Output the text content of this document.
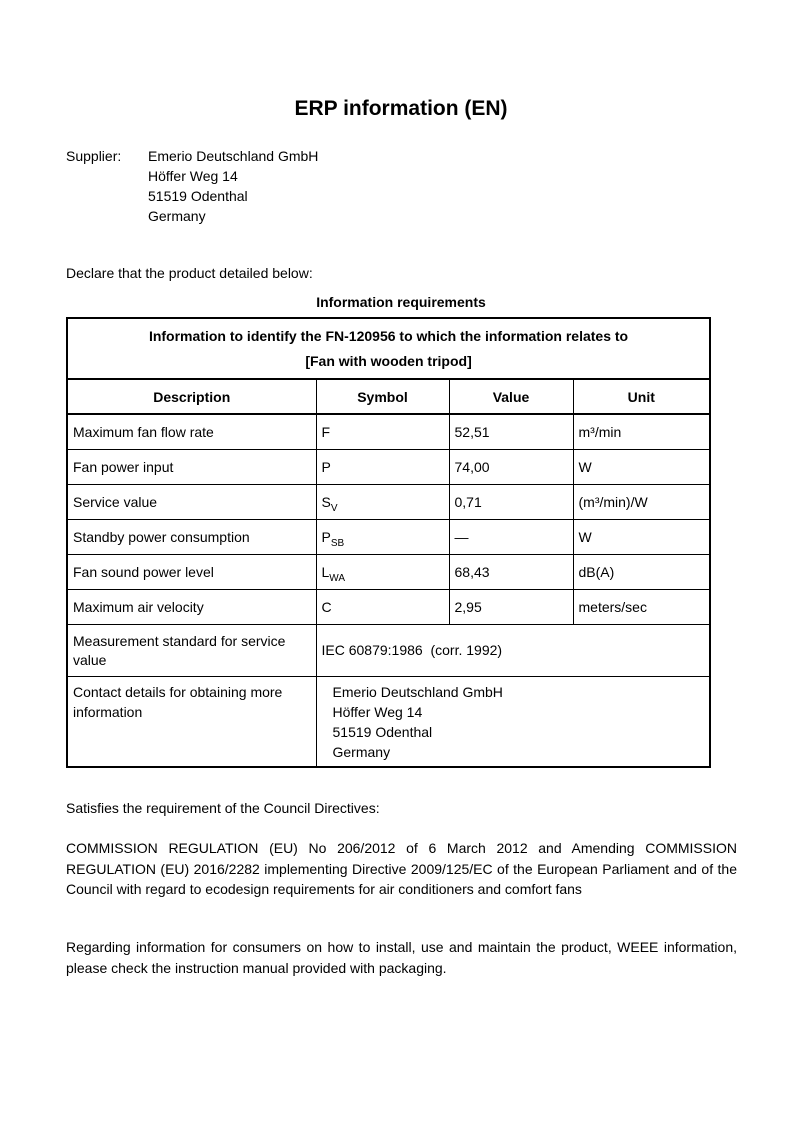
ERP information (EN)
Supplier:	Emerio Deutschland GmbH
Höffer Weg 14
51519 Odenthal
Germany
Declare that the product detailed below:
Information requirements
Information to identify the FN-120956 to which the information relates to
[Fan with wooden tripod]			

Description	Symbol	Value	Unit
Maximum fan flow rate	F	52,51	m³/min
Fan power input	P	74,00	W
Service value	$S_V$	0,71	(m³/min)/W
Standby power consumption	$P_{SB}$	—	W
Fan sound power level	$L_{WA}$	68,43	dB(A)
Maximum air velocity	C	2,95	meters/sec
Measurement standard for service value	IEC 60879:1986  (corr. 1992)		
Contact details for obtaining more information	Emerio Deutschland GmbH
Höffer Weg 14
51519 Odenthal
Germany		
Satisfies the requirement of the Council Directives:
COMMISSION REGULATION (EU) No 206/2012 of 6 March 2012 and Amending COMMISSION REGULATION (EU) 2016/2282 implementing Directive 2009/125/EC of the European Parliament and of the Council with regard to ecodesign requirements for air conditioners and comfort fans
Regarding information for consumers on how to install, use and maintain the product, WEEE information, please check the instruction manual provided with packaging.
